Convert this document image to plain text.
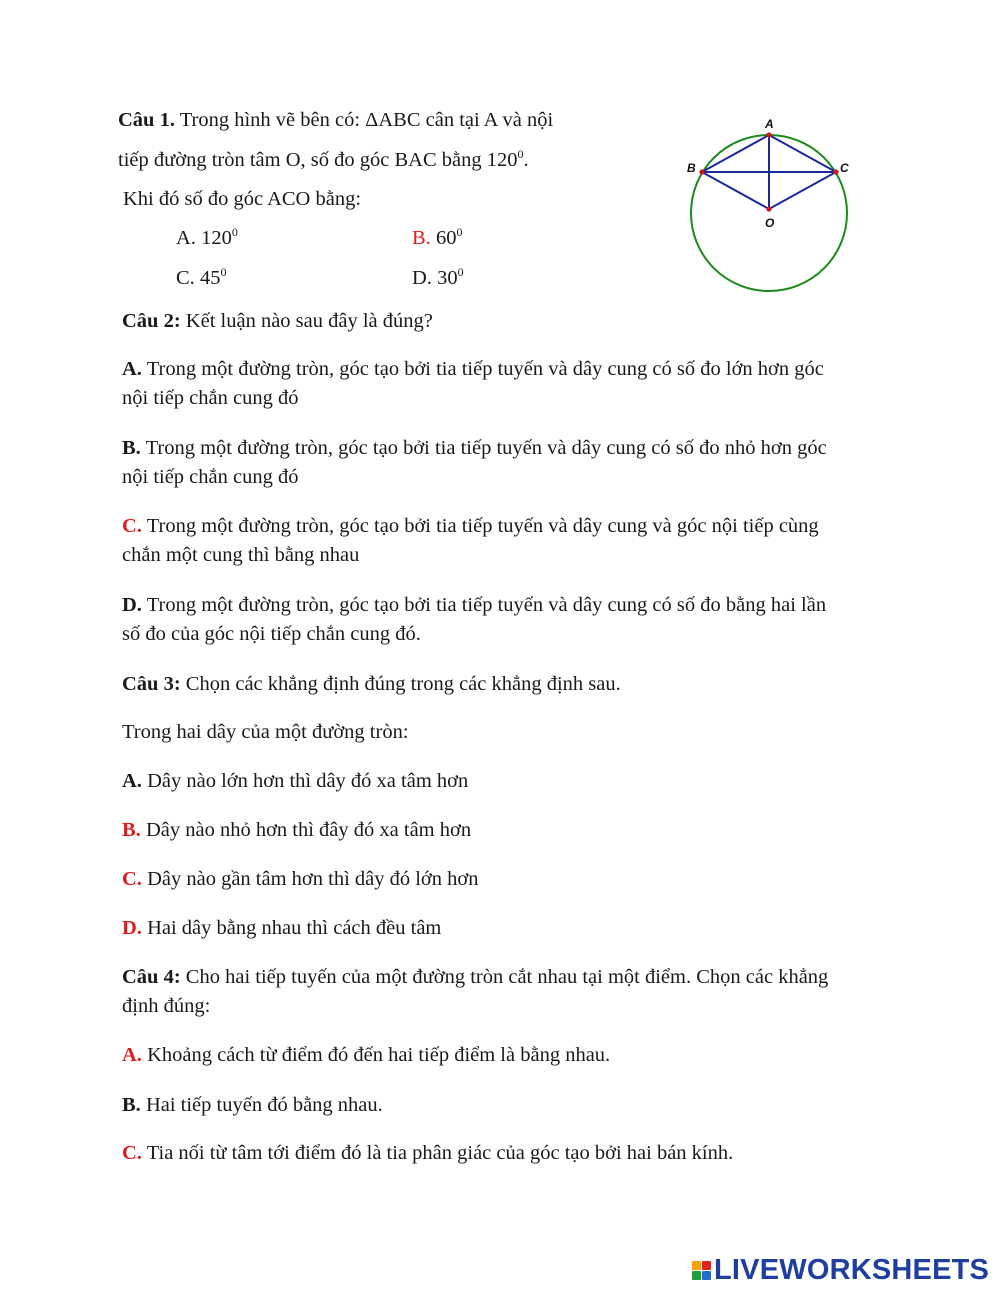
Câu 1. Trong hình vẽ bên có: ΔABC cân tại A và nội
tiếp đường tròn tâm O, số đo góc BAC bằng $120^0$.
Khi đó số đo góc ACO bằng:
A. $120^0$	B. $60^0$
C. $45^0$	D. $30^0$
A
B	C
O
Câu 2: Kết luận nào sau đây là đúng?
A. Trong một đường tròn, góc tạo bởi tia tiếp tuyến và dây cung có số đo lớn hơn góc
nội tiếp chắn cung đó
B. Trong một đường tròn, góc tạo bởi tia tiếp tuyến và dây cung có số đo nhỏ hơn góc
nội tiếp chắn cung đó
C. Trong một đường tròn, góc tạo bởi tia tiếp tuyến và dây cung và góc nội tiếp cùng
chắn một cung thì bằng nhau
D. Trong một đường tròn, góc tạo bởi tia tiếp tuyến và dây cung có số đo bằng hai lần
số đo của góc nội tiếp chắn cung đó.
Câu 3: Chọn các khẳng định đúng trong các khẳng định sau.
Trong hai dây của một đường tròn:
A. Dây nào lớn hơn thì dây đó xa tâm hơn
B. Dây nào nhỏ hơn thì đây đó xa tâm hơn
C. Dây nào gần tâm hơn thì dây đó lớn hơn
D. Hai dây bằng nhau thì cách đều tâm
Câu 4: Cho hai tiếp tuyến của một đường tròn cắt nhau tại một điểm. Chọn các khẳng
định đúng:
A. Khoảng cách từ điểm đó đến hai tiếp điểm là bằng nhau.
B. Hai tiếp tuyến đó bằng nhau.
C. Tia nối từ tâm tới điểm đó là tia phân giác của góc tạo bởi hai bán kính.
LIVEWORKSHEETS
